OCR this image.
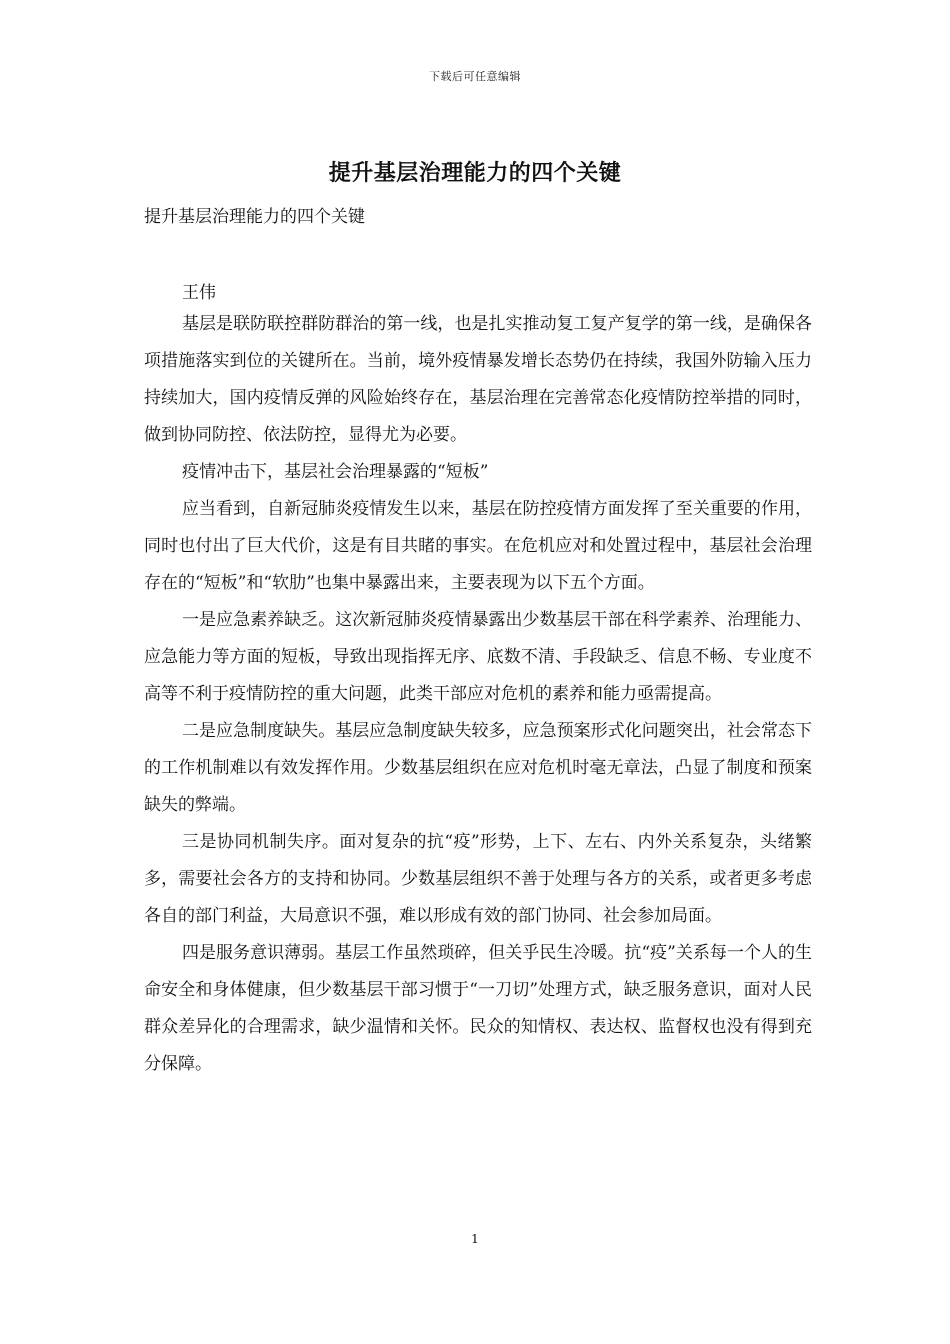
下载后可任意编辑
提升基层治理能力的四个关键
提升基层治理能力的四个关键
王伟

基层是联防联控群防群治的第一线，也是扎实推动复工复产复学的第一线，是确保各项措施落实到位的关键所在。当前，境外疫情暴发增长态势仍在持续，我国外防输入压力持续加大，国内疫情反弹的风险始终存在，基层治理在完善常态化疫情防控举措的同时，做到协同防控、依法防控，显得尤为必要。

疫情冲击下，基层社会治理暴露的“短板”

应当看到，自新冠肺炎疫情发生以来，基层在防控疫情方面发挥了至关重要的作用，同时也付出了巨大代价，这是有目共睹的事实。在危机应对和处置过程中，基层社会治理存在的“短板”和“软肋”也集中暴露出来，主要表现为以下五个方面。

一是应急素养缺乏。这次新冠肺炎疫情暴露出少数基层干部在科学素养、治理能力、应急能力等方面的短板，导致出现指挥无序、底数不清、手段缺乏、信息不畅、专业度不高等不利于疫情防控的重大问题，此类干部应对危机的素养和能力亟需提高。

二是应急制度缺失。基层应急制度缺失较多，应急预案形式化问题突出，社会常态下的工作机制难以有效发挥作用。少数基层组织在应对危机时毫无章法，凸显了制度和预案缺失的弊端。

三是协同机制失序。面对复杂的抗“疫”形势，上下、左右、内外关系复杂，头绪繁多，需要社会各方的支持和协同。少数基层组织不善于处理与各方的关系，或者更多考虑各自的部门利益，大局意识不强，难以形成有效的部门协同、社会参加局面。

四是服务意识薄弱。基层工作虽然琐碎，但关乎民生冷暖。抗“疫”关系每一个人的生命安全和身体健康，但少数基层干部习惯于“一刀切”处理方式，缺乏服务意识，面对人民群众差异化的合理需求，缺少温情和关怀。民众的知情权、表达权、监督权也没有得到充分保障。

1
